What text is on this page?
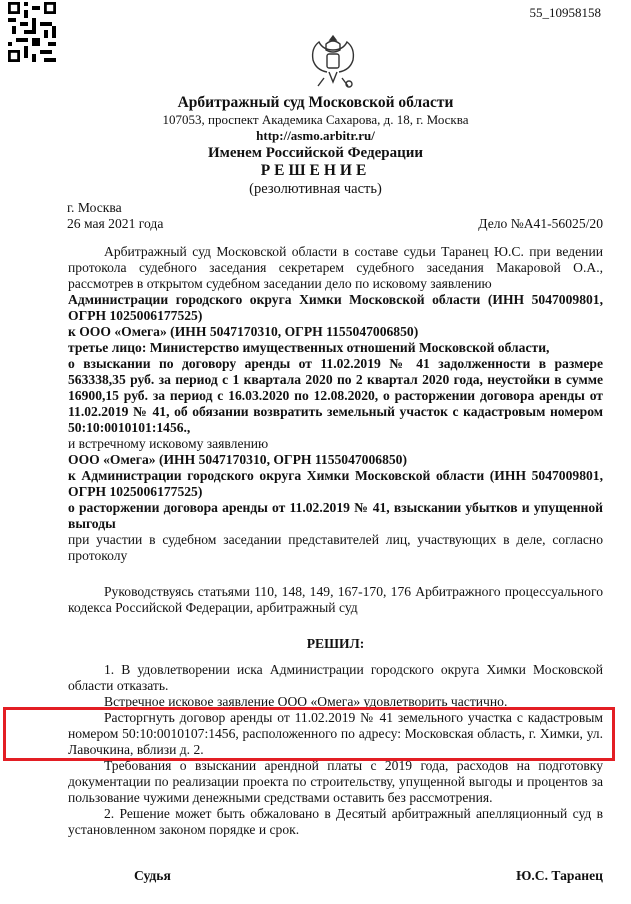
55_10958158
Арбитражный суд Московской области
107053, проспект Академика Сахарова, д. 18, г. Москва
http://asmo.arbitr.ru/
Именем Российской Федерации
РЕШЕНИЕ
(резолютивная часть)
г. Москва
26 мая 2021 года	Дело №А41-56025/20

Арбитражный суд Московской области в составе судьи Таранец Ю.С. при ведении протокола судебного заседания секретарем судебного заседания Макаровой О.А., рассмотрев в открытом судебном заседании дело по исковому заявлению

Администрации городского округа Химки Московской области (ИНН 5047009801, ОГРН 1025006177525)

к ООО «Омега» (ИНН 5047170310, ОГРН 1155047006850)

третье лицо: Министерство имущественных отношений Московской области,

о взыскании по договору аренды от 11.02.2019 № 41 задолженности в размере 563338,35 руб. за период с 1 квартала 2020 по 2 квартал 2020 года, неустойки в сумме 16900,15 руб. за период с 16.03.2020 по 12.08.2020, о расторжении договора аренды от 11.02.2019 № 41, об обязании возвратить земельный участок с кадастровым номером 50:10:0010101:1456.,

и встречному исковому заявлению

ООО «Омега» (ИНН 5047170310, ОГРН 1155047006850)

к Администрации городского округа Химки Московской области (ИНН 5047009801, ОГРН 1025006177525)

о расторжении договора аренды от 11.02.2019 № 41, взыскании убытков и упущенной выгоды

при участии в судебном заседании представителей лиц, участвующих в деле, согласно протоколу

Руководствуясь статьями 110, 148, 149, 167-170, 176 Арбитражного процессуального кодекса Российской Федерации, арбитражный суд

РЕШИЛ:

1. В удовлетворении иска Администрации городского округа Химки Московской области отказать.

Встречное исковое заявление ООО «Омега» удовлетворить частично.

Расторгнуть договор аренды от 11.02.2019 № 41 земельного участка с кадастровым номером 50:10:0010107:1456, расположенного по адресу: Московская область, г. Химки, ул. Лавочкина, вблизи д. 2.

Требования о взыскании арендной платы с 2019 года, расходов на подготовку документации по реализации проекта по строительству, упущенной выгоды и процентов за пользование чужими денежными средствами оставить без рассмотрения.

2. Решение может быть обжаловано в Десятый арбитражный апелляционный суд в установленном законом порядке и срок.

Судья	Ю.С. Таранец
